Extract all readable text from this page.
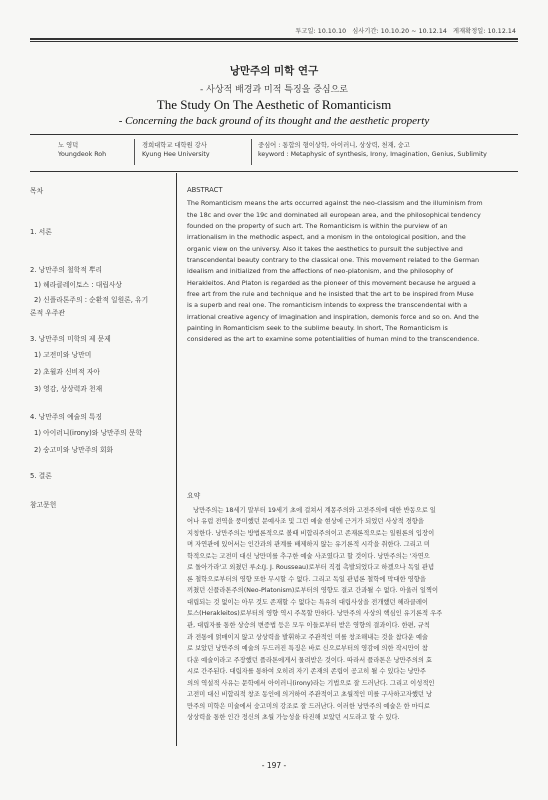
투고일: 10.10.10 심사기간: 10.10.20 ~ 10.12.14 게재확정일: 10.12.14
낭만주의 미학 연구
- 사상적 배경과 미적 특징을 중심으로
The Study On The Aesthetic of Romanticism
- Concerning the back ground of its thought and the aesthetic property
노 영덕
Youngdeok Roh
경희대학교 대학원 강사
Kyung Hee University
중심어 : 통합의 형이상학, 아이러니, 상상력, 천재, 숭고
keyword : Metaphysic of synthesis, Irony, Imagination, Genius, Sublimity
목차
1. 서론
2. 낭만주의 철학적 뿌리
1) 헤라클레이토스 : 대립사상
2) 신플라톤주의 : 순환적 일원론, 유기
론적 우주관
3. 낭만주의 미학의 제 문제
1) 고전미와 낭만미
2) 초월과 신비적 자아
3) 영감, 상상력과 천재
4. 낭만주의 예술의 특징
1) 아이러니(irony)와 낭만주의 문학
2) 숭고미와 낭만주의 회화
5. 결론
참고문헌
ABSTRACT
The Romanticism means the arts occurred against the neo-classism and the illuminism from
the 18c and over the 19c and dominated all european area, and the philosophical tendency
founded on the property of such art. The Romanticism is within the purview of an
irrationalism in the methodic aspect, and a monism in the ontological position, and the
organic view on the universy. Also it takes the aesthetics to pursuit the subjective and
transcendental beauty contrary to the classical one. This movement related to the German
idealism and initialized from the affections of neo-platonism, and the philosophy of
Herakleitos. And Platon is regarded as the pioneer of this movement because he argued a
free art from the rule and technique and he insisted that the art to be inspired from Muse
is a superb and real one. The romanticism intends to express the transcendental with a
irrational creative agency of imagination and inspiration, demonis force and so on. And the
painting in Romanticism seek to the sublime beauty. In short, The Romanticism is
considered as the art to examine some potentialities of human mind to the transcendence.
요약
낭만주의는 18세기 말부터 19세기 초에 걸쳐서 계몽주의와 고전주의에 대한 반동으로 일
어나 유럽 전역을 풍미했던 문예사조 및 그런 예술 현상에 근거가 되었던 사상적 경향을
지칭한다. 낭만주의는 방법론적으로 볼때 비합리주의이고 존재론적으로는 일원론의 입장이
며 자연관에 있어서는 인간과의 관계를 배제하지 않는 유기론적 시각을 취한다. 그리고 미
학적으로는 고전미 대신 낭만미를 추구한 예술 사조였다고 할 것이다. 낭만주의는 '자연으
로 돌아가라'고 외쳤던 루소(J. J. Rousseau)로부터 직접 촉발되었다고 하겠으나 독일 관념
론 철학으로부터의 영향 또한 무시할 수 없다. 그리고 독일 관념론 철학에 막대한 영향을
끼쳤던 신플라톤주의(Neo-Platonism)로부터의 영향도 결코 간과될 수 없다. 아울러 일찍이
대립되는 것 없이는 아무 것도 존재할 수 없다는 특유의 대립사상을 전개했던 헤라클레이
토스(Herakleitos)로부터의 영향 역시 주목할 만하다. 낭만주의 사상의 핵심인 유기론적 우주
관, 대립자를 통한 상승의 변증법 등은 모두 이들로부터 받은 영향의 결과이다. 한편, 규칙
과 전통에 얽매이지 않고 상상력을 발휘하고 주관적인 미를 창조해내는 것을 참다운 예술
로 보았던 낭만주의 예술의 두드러진 특징은 바로 신으로부터의 영감에 의한 작시만이 참
다운 예술이라고 주장했던 플라톤에게서 물려받은 것이다. 따라서 플라톤은 낭만주의의 효
시로 간주된다. 대립자를 통하여 오히려 자기 존재의 존립이 공고히 될 수 있다는 낭만주
의의 역설적 사유는 문학에서 아이러니(irony)라는 기법으로 잘 드러난다. 그리고 이성적인
고전미 대신 비합리적 창조 동인에 의거하여 주관적이고 초월적인 미를 구사하고자했던 낭
만주의 미학은 미술에서 숭고미의 강조로 잘 드러난다. 이러한 낭만주의 예술은 한 마디로
상상력을 통한 인간 정신의 초월 가능성을 타진해 보았던 시도라고 할 수 있다.
- 197 -
